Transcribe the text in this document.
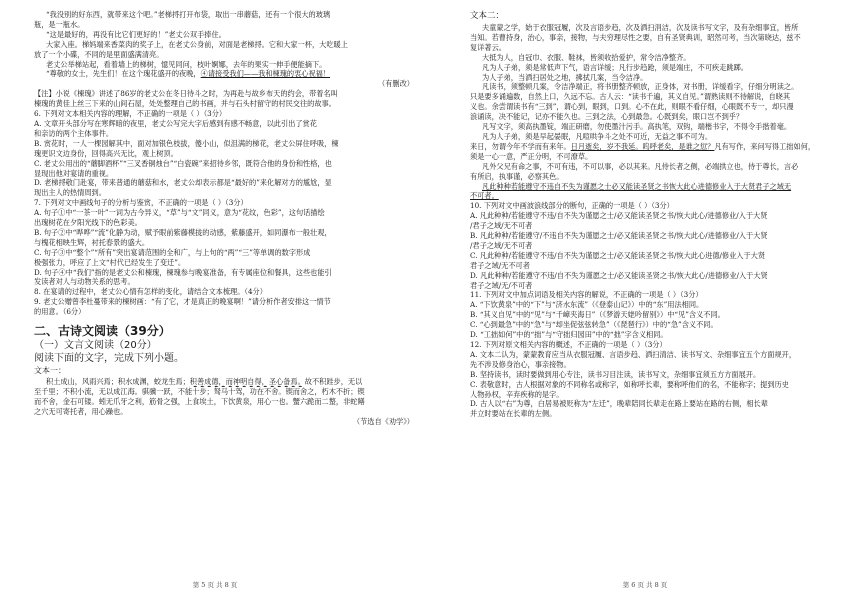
“我没别的好东西，就带来这个吧。”老梯捋打开布袋，取出一串蘑菇，还有一个很大的玻璃
瓶，是一瓶水。
“这是最好的，再没有比它们更好的！”老丈公双手捧住。
大家入座。梯妈端来香菜肉的奖子上，在老丈公身前，对面是老梯捋。它和大家一杯，大吃暖上
放了一个小碟，不同的是里面盛满清亮。
老丈公举梯站起，看着墙上的梯树，憶见同问，枝叶婀娜，去年的果实一伸手便能摘下。
“尊敬的女士，先生们！在这个瑰花盛开的夜晚，④请接受我们——我和楝瑰的衷心祝福！
（有删改）
【注】小说《楝瑰》讲述了86岁的老丈公在冬日待斗之时，为再赴与故乡布天的约会，带着名叫
楝瑰的黄佳上丝三下来的山间石屋，处处整理自己的书画，并与石头村留守的村民交往的故事。
6. 下列对文本相关内容的理解，不正确的一项是（ ）（3分）
A. 文章开头部分写在寒辉暗的夜里，老丈公写完大字后感到有感不畅意，以此引出了赏花
和亲访的两个主体事件。
B. 赏花时，一人一棵园解其中，面对加银色枝拔，傻小山，似沮满的梯花，老丈公屏住呼吸，楝
瑰更识文边身份，回得高兴无比，观上树顶。
C. 老丈公用出的“蘑脚酒杯”“三叉香铜烛台”“白瓷碗”来招待乡邻，既符合他的身份和性格，也
显现出他对宴请的重视。
D. 老梯捋敬门赴宴，带来普通的蘑菇和水，老丈公却表示都是“最好的”来化解对方的尴尬，显
现出主人的热情周到。
7. 下列对文中画线句子的分析与鉴赏，不正确的一项是（ ）（3分）
A. 句子①中“一茶一叶”一词为古今异义，“草”与“文”同义，意为“花纹，色彩”，这句话描绘
出瑰树花在夕阳光线下的色彩美。
B. 句子②中“哗哗”“流”化静为动，赋予眼前紫藤模拢的动感，紫藤盛开，如同瀑布一般壮观，
与槐花相映生辉，衬托春景的盛大。
C. 句子③中“整个”“所有”突出宴请范围的全和广，与上句的“两”“三”等单调的数字形成
极强张力，呼应了上文“村代已经发生了变迁”。
D. 句子④中“我们”指的是老丈公和楝瑰，楝瑰参与晚宴准备，有专属座位和餐具，这些也能引
发读者对人与动物关系的思考。
8. 在宴请的过程中，老丈公心情有怎样的变化，请结合文本梳理。（4分）
9. 老丈公赠曾李杜蔓带来的楝树画：“有了它，才是真正的晚宴啊！”请分析作者安排这一情节
的用意。（6分）
二、古诗文阅读（39分）
（一）文言文阅读（20分）
阅读下面的文字，完成下列小题。
文本一：
积土成山，风雨兴焉；积水成渊，蛟龙生焉；积善成德，而神明自得，圣心备焉。故不积跬步，无以
至千里；不积小流，无以成江海。骐骥一跃，不能十步；驽马十驾，功在不舍。锲而舍之，朽木不折；锲
而不舍，金石可镂。蚓无爪牙之利，筋骨之强，上食埃土，下饮黄泉，用心一也。蟹六跪而二螯，非蛇鳝
之穴无可寄托者，用心躁也。
（节选自《劝学》）
第 5 页 共 8 页
文本二：
夫童蒙之学，始于衣服冠履，次及言语步趋，次及洒扫涓洁，次及读书写文字，及有杂细事宜，皆所
当知。若曹持身，治心，事亲，接物，与夫穷理尽性之要，自有圣贤典训，昭然可考，当次第晓达，兹不
复详著云。
大抵为人，自冠巾、衣服、鞋袜，皆须收拾爱护，常令洁净整齐。
凡为人子弟，须是常低声下气，语言详缓；凡行步趋跄，须是端庄，不可疾走跳踯。
为人子弟，当洒扫居处之地，拂拭几案，当令洁净。
凡读书，须整顿几案，令洁净端正，将书册整齐顿放，正身体，对书册，详缓看字，仔细分明读之。
只是要多诵遍数，自然上口，久远不忘。古人云：“读书千遍，其义自见。”谓熟读则不待解说，自晓其
义也。余尝谓读书有“三到”，谓心到，眼到，口到。心不在此，则眼不看仔细，心眼既不专一，却只漫
浪诵读，决不能记，记亦不能久也。三到之法，心到最急。心既到矣，眼口岂不到乎？
凡写文字，须高执墨锭，端正研磨，勿使墨汁污手。高执笔，双钩，端楷书字，不得令手揩着毫。
凡为人子弟，须是早起晏眠，凡喧哄争斗之处不可近，无益之事不可为。
来日，勿谓今年不学而有来年。日月逝矣，岁不我延。呜呼老矣，是谁之愆？凡有写作，来问写得工拙如何，
须是一心一意，严正分明，不可潦草。
凡外父兄有命之事，不可有违，不可以事，必以其来。凡侍长者之侧，必端拱立也，侍于尊长，言必
有所启，执事谨，必察其色。
凡此种种若能遵守不违自不失为谨愿之士必又能读圣贤之书恢大此心进德修业入于大贤君子之域无
不可者。
10. 下列对文中画波浪线部分的断句，正确的一项是（ ）（3分）
A. 凡此种种/若能遵守不违/自不失为谨愿之士/必又能读圣贤之书/恢大此心/进德修业/入于大贤
/君子之域/无不可者
B. 凡此种种/若能遵守/不违自不失为谨愿之士/必又能读圣贤之书/恢大此心/进德修业/入于大贤
/君子之域/无不可者
C. 凡此种种/若能遵守不违/自不失为谨愿之士/必又能读圣贤之书/恢大此心进德/修业入于大贤
君子之域/无不可者
D. 凡此种种/若能遵守不违/自不失为谨愿之士/必又能读圣贤之书/恢大此心/进德修业/入于大贤
君子之域/无/不可者
11. 下列对文中加点词语及相关内容的解说，不正确的一项是（ ）（3分）
A. “下饮黄泉”中的“下”与“济水东流”（《登泰山记》）中的“东”用法相同。
B. “其义自见”中的“见”与“千嶂夹海日”（《梦游天姥吟留别》）中“见”含义不同。
C. “心到最急”中的“急”与“却坐促弦弦转急”（《琵琶行》）中的“急”含义不同。
D. “工拙如何”中的“拙”与“守拙归园田”中的“拙”字含义相同。
12. 下列对原文相关内容的概述，不正确的一项是（ ）（3分）
A. 文本二认为，蒙蒙教育应当从衣服冠履、言语步趋、洒扫清洁、读书写文、杂细事宜五个方面规开，
先不涉及修身治心，事亲接物。
B. 坚持读书，读时要做到用心专注，读书习目注读，读书写文，杂细事宜须五方方面展开。
C. 表敬意时，古人根据对象的不同称名或称字，如称呼长辈，要称呼他们的名，不能称字；提到历史
人物孙权，辛弃疾称的是字。
D. 古人以“右”为尊，白居易被贬称为“左迁”，晚辈陪同长辈走在路上要站在路的右侧，相长辈
并立时要站在长辈的左侧。
第 6 页 共 8 页
